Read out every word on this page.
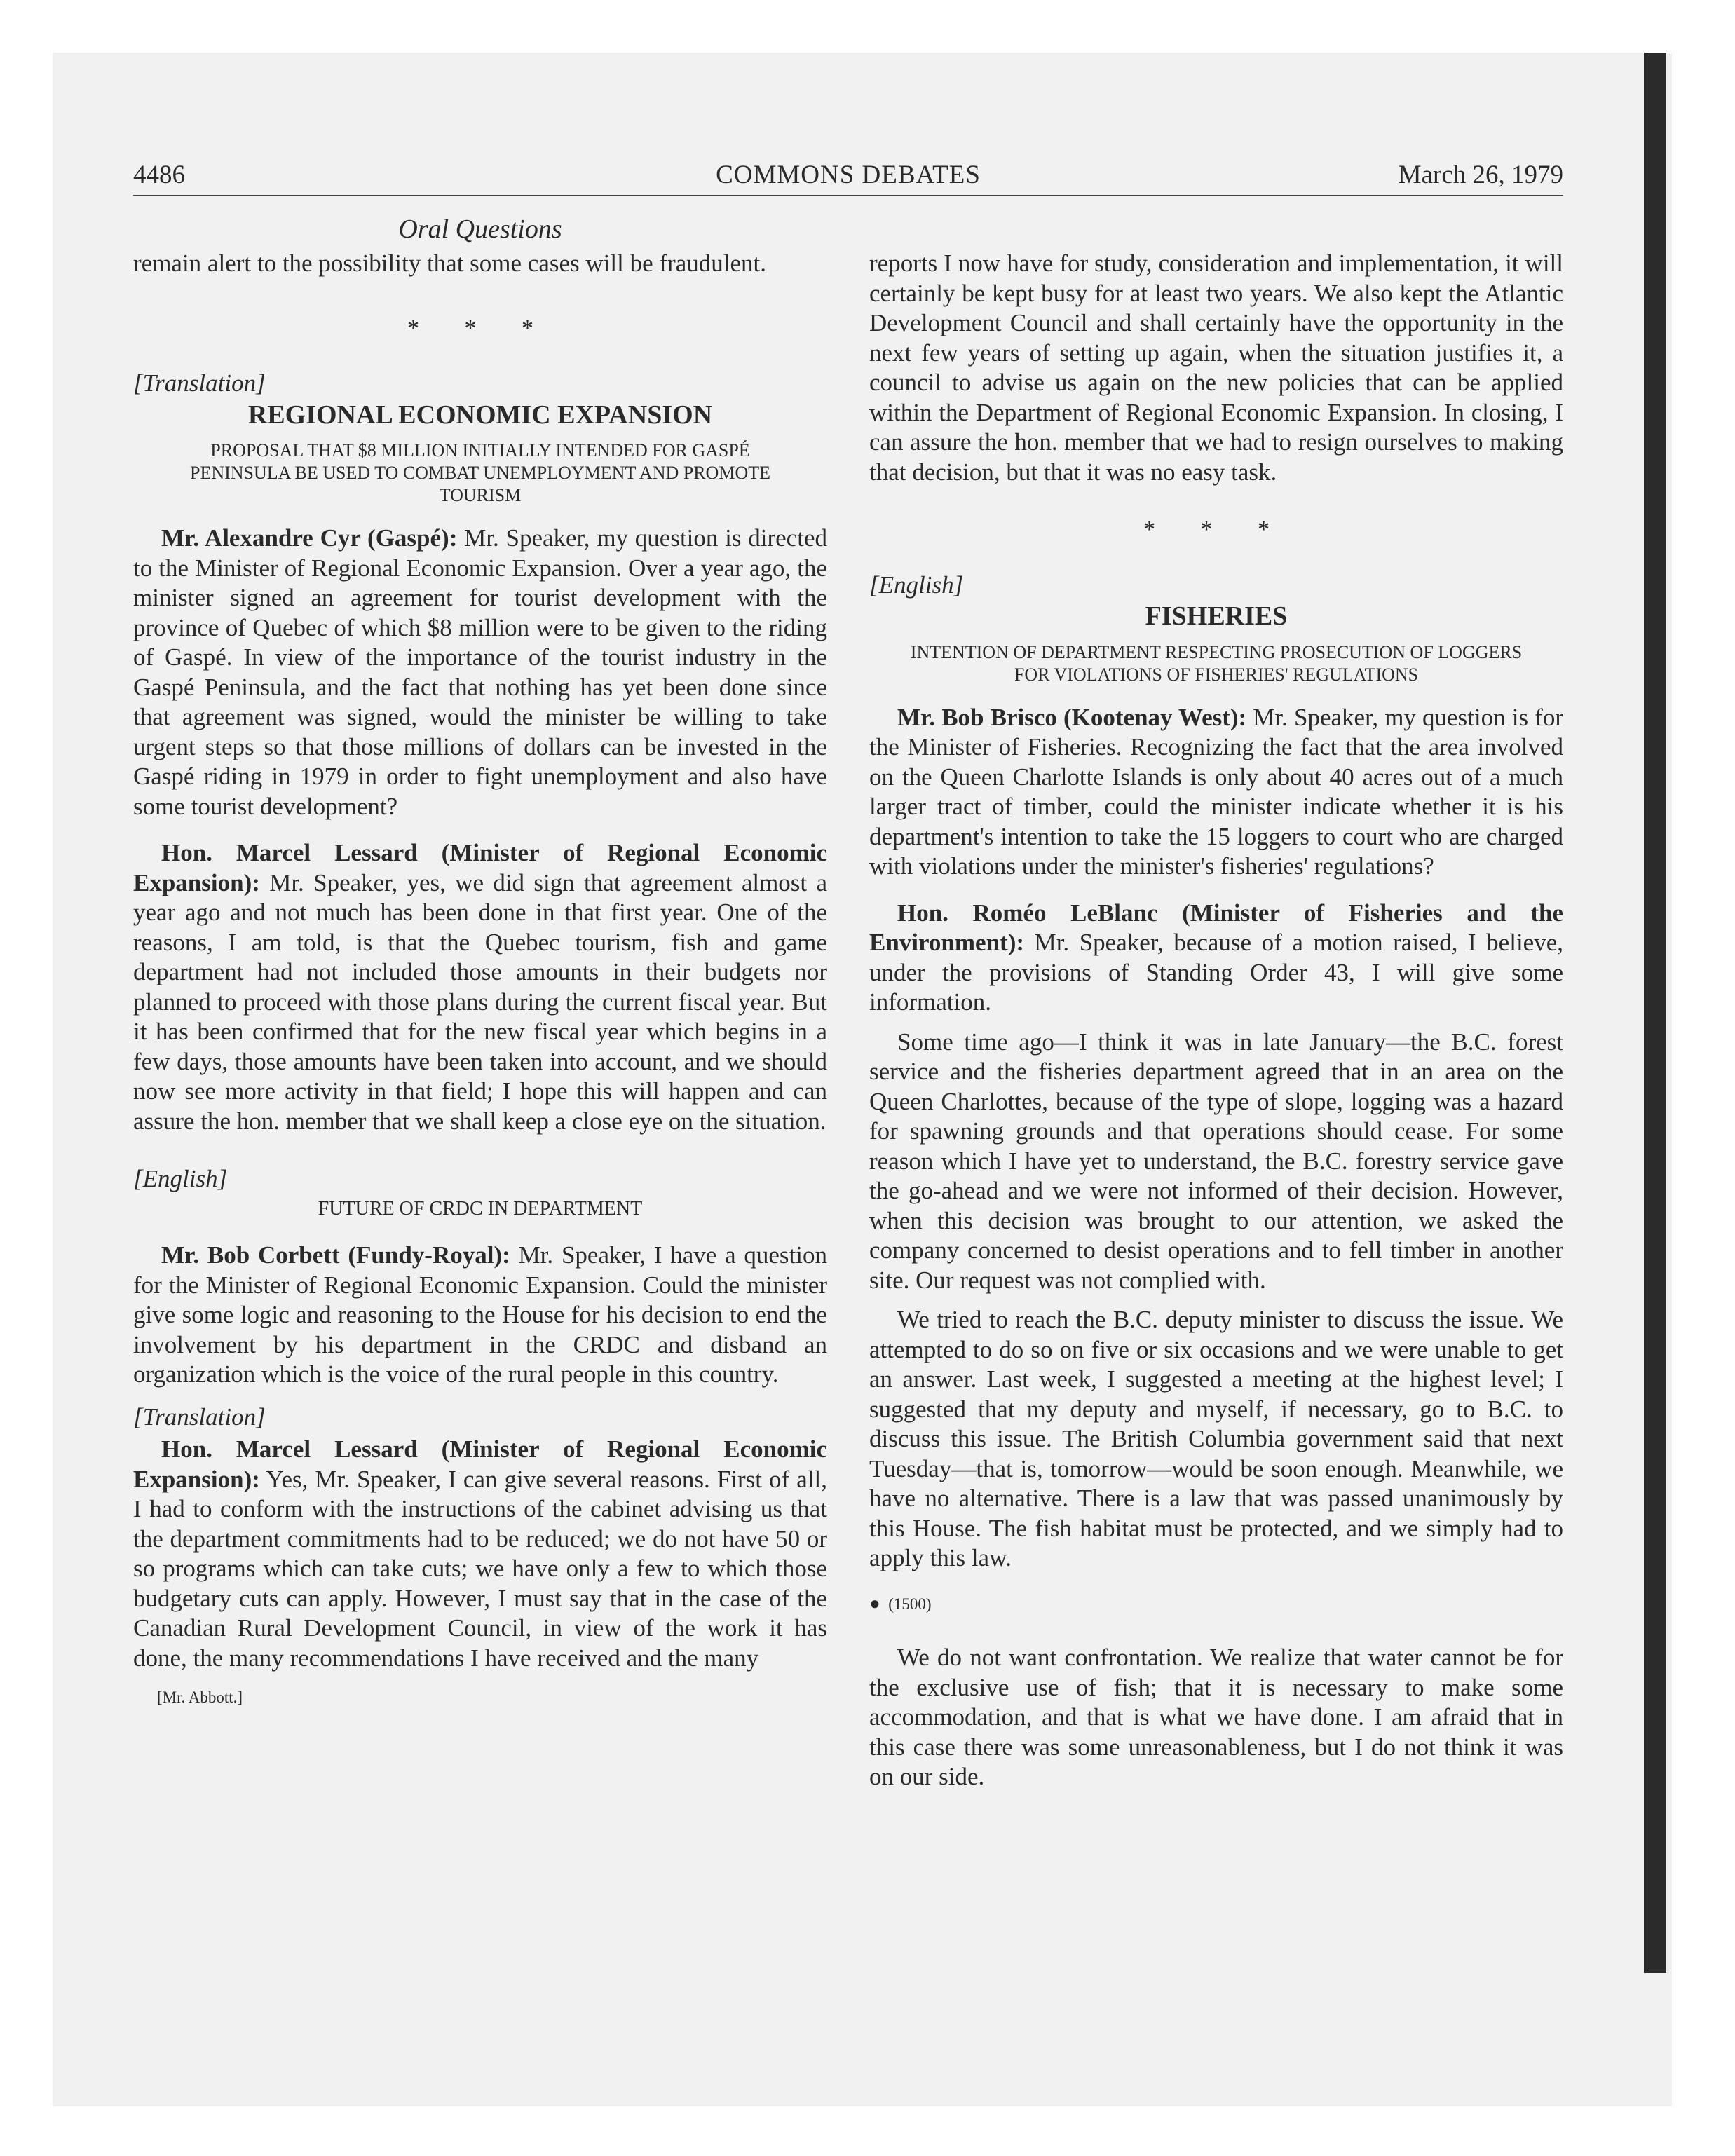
4486	COMMONS DEBATES	March 26, 1979
Oral Questions

remain alert to the possibility that some cases will be fraudulent.

* * *
[Translation]
REGIONAL ECONOMIC EXPANSION
PROPOSAL THAT $8 MILLION INITIALLY INTENDED FOR GASPÉ PENINSULA BE USED TO COMBAT UNEMPLOYMENT AND PROMOTE TOURISM

Mr. Alexandre Cyr (Gaspé): Mr. Speaker, my question is directed to the Minister of Regional Economic Expansion. Over a year ago, the minister signed an agreement for tourist development with the province of Quebec of which $8 million were to be given to the riding of Gaspé. In view of the importance of the tourist industry in the Gaspé Peninsula, and the fact that nothing has yet been done since that agreement was signed, would the minister be willing to take urgent steps so that those millions of dollars can be invested in the Gaspé riding in 1979 in order to fight unemployment and also have some tourist development?

Hon. Marcel Lessard (Minister of Regional Economic Expansion): Mr. Speaker, yes, we did sign that agreement almost a year ago and not much has been done in that first year. One of the reasons, I am told, is that the Quebec tourism, fish and game department had not included those amounts in their budgets nor planned to proceed with those plans during the current fiscal year. But it has been confirmed that for the new fiscal year which begins in a few days, those amounts have been taken into account, and we should now see more activity in that field; I hope this will happen and can assure the hon. member that we shall keep a close eye on the situation.

[English]
FUTURE OF CRDC IN DEPARTMENT

Mr. Bob Corbett (Fundy-Royal): Mr. Speaker, I have a question for the Minister of Regional Economic Expansion. Could the minister give some logic and reasoning to the House for his decision to end the involvement by his department in the CRDC and disband an organization which is the voice of the rural people in this country.

[Translation]

Hon. Marcel Lessard (Minister of Regional Economic Expansion): Yes, Mr. Speaker, I can give several reasons. First of all, I had to conform with the instructions of the cabinet advising us that the department commitments had to be reduced; we do not have 50 or so programs which can take cuts; we have only a few to which those budgetary cuts can apply. However, I must say that in the case of the Canadian Rural Development Council, in view of the work it has done, the many recommendations I have received and the many

[Mr. Abbott.]

reports I now have for study, consideration and implementation, it will certainly be kept busy for at least two years. We also kept the Atlantic Development Council and shall certainly have the opportunity in the next few years of setting up again, when the situation justifies it, a council to advise us again on the new policies that can be applied within the Department of Regional Economic Expansion. In closing, I can assure the hon. member that we had to resign ourselves to making that decision, but that it was no easy task.

* * *
[English]
FISHERIES
INTENTION OF DEPARTMENT RESPECTING PROSECUTION OF LOGGERS FOR VIOLATIONS OF FISHERIES' REGULATIONS

Mr. Bob Brisco (Kootenay West): Mr. Speaker, my question is for the Minister of Fisheries. Recognizing the fact that the area involved on the Queen Charlotte Islands is only about 40 acres out of a much larger tract of timber, could the minister indicate whether it is his department's intention to take the 15 loggers to court who are charged with violations under the minister's fisheries' regulations?

Hon. Roméo LeBlanc (Minister of Fisheries and the Environment): Mr. Speaker, because of a motion raised, I believe, under the provisions of Standing Order 43, I will give some information.

Some time ago—I think it was in late January—the B.C. forest service and the fisheries department agreed that in an area on the Queen Charlottes, because of the type of slope, logging was a hazard for spawning grounds and that operations should cease. For some reason which I have yet to understand, the B.C. forestry service gave the go-ahead and we were not informed of their decision. However, when this decision was brought to our attention, we asked the company concerned to desist operations and to fell timber in another site. Our request was not complied with.

We tried to reach the B.C. deputy minister to discuss the issue. We attempted to do so on five or six occasions and we were unable to get an answer. Last week, I suggested a meeting at the highest level; I suggested that my deputy and myself, if necessary, go to B.C. to discuss this issue. The British Columbia government said that next Tuesday—that is, tomorrow—would be soon enough. Meanwhile, we have no alternative. There is a law that was passed unanimously by this House. The fish habitat must be protected, and we simply had to apply this law.

● (1500)

We do not want confrontation. We realize that water cannot be for the exclusive use of fish; that it is necessary to make some accommodation, and that is what we have done. I am afraid that in this case there was some unreasonableness, but I do not think it was on our side.
